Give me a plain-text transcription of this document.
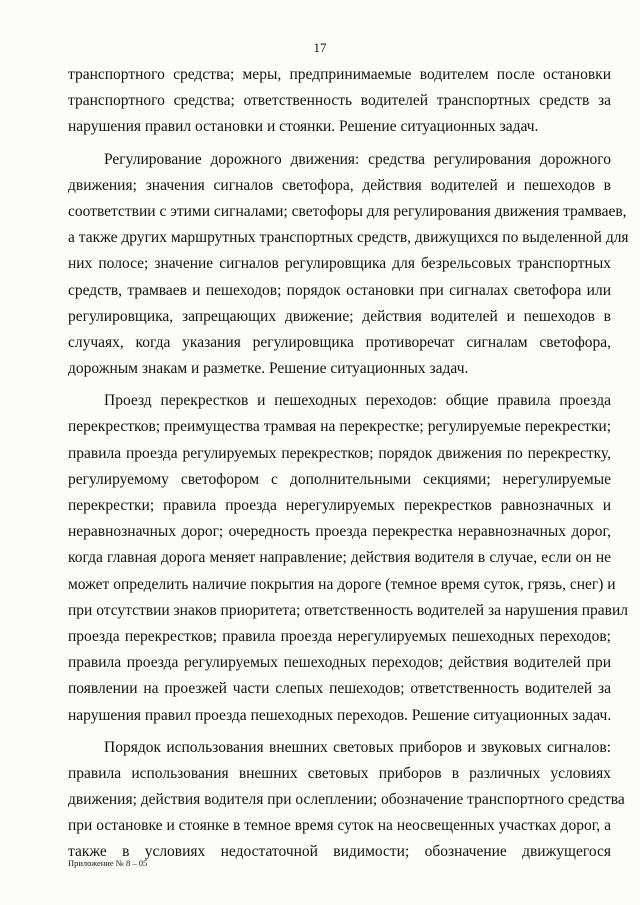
17
транспортного средства; меры, предпринимаемые водителем после остановки
транспортного средства; ответственность водителей транспортных средств за
нарушения правил остановки и стоянки. Решение ситуационных задач.
Регулирование дорожного движения: средства регулирования дорожного
движения; значения сигналов светофора, действия водителей и пешеходов в
соответствии с этими сигналами; светофоры для регулирования движения трамваев,
а также других маршрутных транспортных средств, движущихся по выделенной для
них полосе; значение сигналов регулировщика для безрельсовых транспортных
средств, трамваев и пешеходов; порядок остановки при сигналах светофора или
регулировщика, запрещающих движение; действия водителей и пешеходов в
случаях, когда указания регулировщика противоречат сигналам светофора,
дорожным знакам и разметке. Решение ситуационных задач.
Проезд перекрестков и пешеходных переходов: общие правила проезда
перекрестков; преимущества трамвая на перекрестке; регулируемые перекрестки;
правила проезда регулируемых перекрестков; порядок движения по перекрестку,
регулируемому светофором с дополнительными секциями; нерегулируемые
перекрестки; правила проезда нерегулируемых перекрестков равнозначных и
неравнозначных дорог; очередность проезда перекрестка неравнозначных дорог,
когда главная дорога меняет направление; действия водителя в случае, если он не
может определить наличие покрытия на дороге (темное время суток, грязь, снег) и
при отсутствии знаков приоритета; ответственность водителей за нарушения правил
проезда перекрестков; правила проезда нерегулируемых пешеходных переходов;
правила проезда регулируемых пешеходных переходов; действия водителей при
появлении на проезжей части слепых пешеходов; ответственность водителей за
нарушения правил проезда пешеходных переходов. Решение ситуационных задач.
Порядок использования внешних световых приборов и звуковых сигналов:
правила использования внешних световых приборов в различных условиях
движения; действия водителя при ослеплении; обозначение транспортного средства
при остановке и стоянке в темное время суток на неосвещенных участках дорог, а
также в условиях недостаточной видимости; обозначение движущегося
Приложение № 8 – 05
